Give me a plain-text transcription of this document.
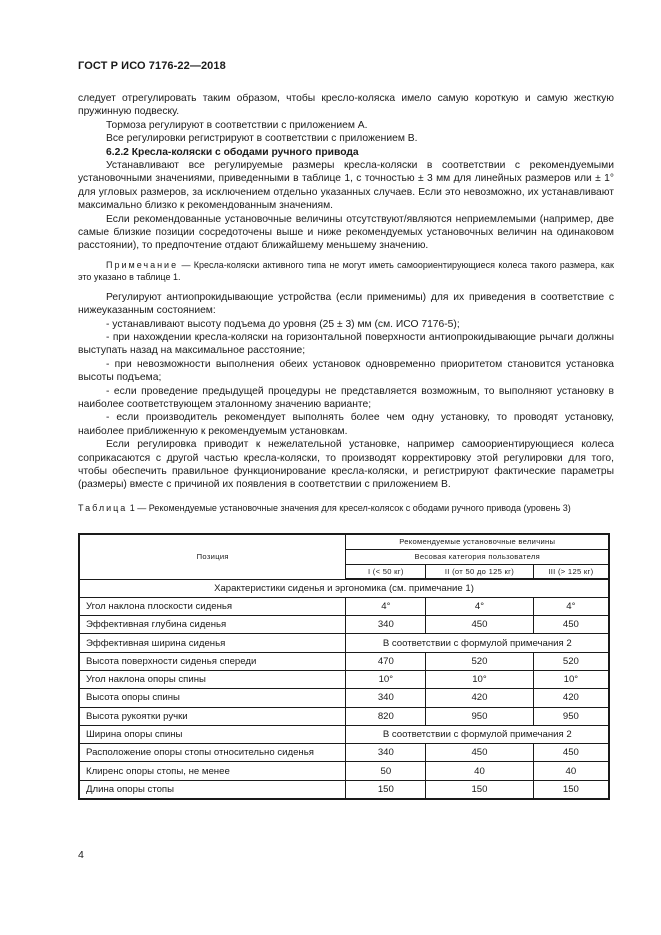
ГОСТ Р ИСО 7176-22—2018

следует отрегулировать таким образом, чтобы кресло-коляска имело самую короткую и самую жесткую пружинную подвеску.

Тормоза регулируют в соответствии с приложением А.

Все регулировки регистрируют в соответствии с приложением В.

6.2.2 Кресла-коляски с ободами ручного привода

Устанавливают все регулируемые размеры кресла-коляски в соответствии с рекомендуемыми установочными значениями, приведенными в таблице 1, с точностью ± 3 мм для линейных размеров или ± 1° для угловых размеров, за исключением отдельно указанных случаев. Если это невозможно, их устанавливают максимально близко к рекомендованным значениям.

Если рекомендованные установочные величины отсутствуют/являются неприемлемыми (например, две самые близкие позиции сосредоточены выше и ниже рекомендуемых установочных величин на одинаковом расстоянии), то предпочтение отдают ближайшему меньшему значению.

Примечание — Кресла-коляски активного типа не могут иметь самоориентирующиеся колеса такого размера, как это указано в таблице 1.

Регулируют антиопрокидывающие устройства (если применимы) для их приведения в соответствие с нижеуказанным состоянием:

- устанавливают высоту подъема до уровня (25 ± 3) мм (см. ИСО 7176-5);

- при нахождении кресла-коляски на горизонтальной поверхности антиопрокидывающие рычаги должны выступать назад на максимальное расстояние;

- при невозможности выполнения обеих установок одновременно приоритетом становится установка высоты подъема;

- если проведение предыдущей процедуры не представляется возможным, то выполняют установку в наиболее соответствующем эталонному значению варианте;

- если производитель рекомендует выполнять более чем одну установку, то проводят установку, наиболее приближенную к рекомендуемым установкам.

Если регулировка приводит к нежелательной установке, например самоориентирующиеся колеса соприкасаются с другой частью кресла-коляски, то производят корректировку этой регулировки для того, чтобы обеспечить правильное функционирование кресла-коляски, и регистрируют фактические параметры (размеры) вместе с причиной их появления в соответствии с приложением В.

Таблица 1 — Рекомендуемые установочные значения для кресел-колясок с ободами ручного привода (уровень 3)
Позиция	Рекомендуемые установочные величины		
	Весовая категория пользователя		
	I (< 50 кг)	II (от 50 до 125 кг)	III (> 125 кг)
Характеристики сиденья и эргономика (см. примечание 1)			
Угол наклона плоскости сиденья	4°	4°	4°
Эффективная глубина сиденья	340	450	450
Эффективная ширина сиденья	В соответствии с формулой примечания 2		
Высота поверхности сиденья спереди	470	520	520
Угол наклона опоры спины	10°	10°	10°
Высота опоры спины	340	420	420
Высота рукоятки ручки	820	950	950
Ширина опоры спины	В соответствии с формулой примечания 2		
Расположение опоры стопы относительно сиденья	340	450	450
Клиренс опоры стопы, не менее	50	40	40
Длина опоры стопы	150	150	150
4
